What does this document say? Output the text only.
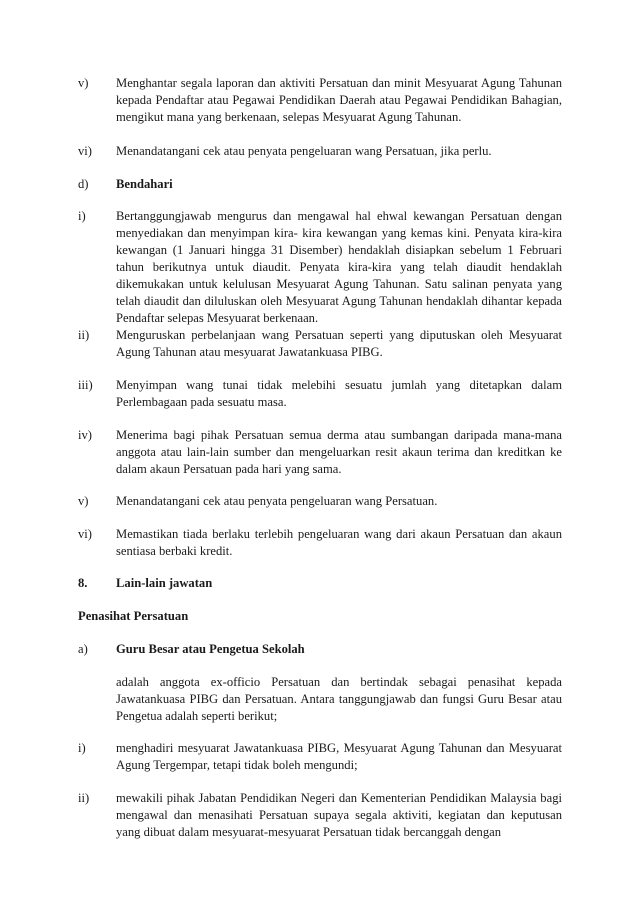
v)	Menghantar segala laporan dan aktiviti Persatuan dan minit Mesyuarat Agung Tahunan kepada Pendaftar atau Pegawai Pendidikan Daerah atau Pegawai Pendidikan Bahagian, mengikut mana yang berkenaan, selepas Mesyuarat Agung Tahunan.
vi)	Menandatangani cek atau penyata pengeluaran wang Persatuan, jika perlu.
d)	Bendahari
i)	Bertanggungjawab mengurus dan mengawal hal ehwal kewangan Persatuan dengan menyediakan dan menyimpan kira- kira kewangan yang kemas kini. Penyata kira-kira kewangan (1 Januari hingga 31 Disember) hendaklah disiapkan sebelum 1 Februari tahun berikutnya untuk diaudit. Penyata kira-kira yang telah diaudit hendaklah dikemukakan untuk kelulusan Mesyuarat Agung Tahunan. Satu salinan penyata yang telah diaudit dan diluluskan oleh Mesyuarat Agung Tahunan hendaklah dihantar kepada Pendaftar selepas Mesyuarat berkenaan.
ii)	Menguruskan perbelanjaan wang Persatuan seperti yang diputuskan oleh Mesyuarat Agung Tahunan atau mesyuarat Jawatankuasa PIBG.
iii)	Menyimpan wang tunai tidak melebihi sesuatu jumlah yang ditetapkan dalam Perlembagaan pada sesuatu masa.
iv)	Menerima bagi pihak Persatuan semua derma atau sumbangan daripada mana-mana anggota atau lain-lain sumber dan mengeluarkan resit akaun terima dan kreditkan ke dalam akaun Persatuan pada hari yang sama.
v)	Menandatangani cek atau penyata pengeluaran wang Persatuan.
vi)	Memastikan tiada berlaku terlebih pengeluaran wang dari akaun Persatuan dan akaun sentiasa berbaki kredit.
8.	Lain-lain jawatan
Penasihat Persatuan
a)	Guru Besar atau Pengetua Sekolah
adalah anggota ex-officio Persatuan dan bertindak sebagai penasihat kepada Jawatankuasa PIBG dan Persatuan. Antara tanggungjawab dan fungsi Guru Besar atau Pengetua adalah seperti berikut;
i)	menghadiri mesyuarat Jawatankuasa PIBG, Mesyuarat Agung Tahunan dan Mesyuarat Agung Tergempar, tetapi tidak boleh mengundi;
ii)	mewakili pihak Jabatan Pendidikan Negeri dan Kementerian Pendidikan Malaysia bagi mengawal dan menasihati Persatuan supaya segala aktiviti, kegiatan dan keputusan yang dibuat dalam mesyuarat-mesyuarat Persatuan tidak bercanggah dengan
